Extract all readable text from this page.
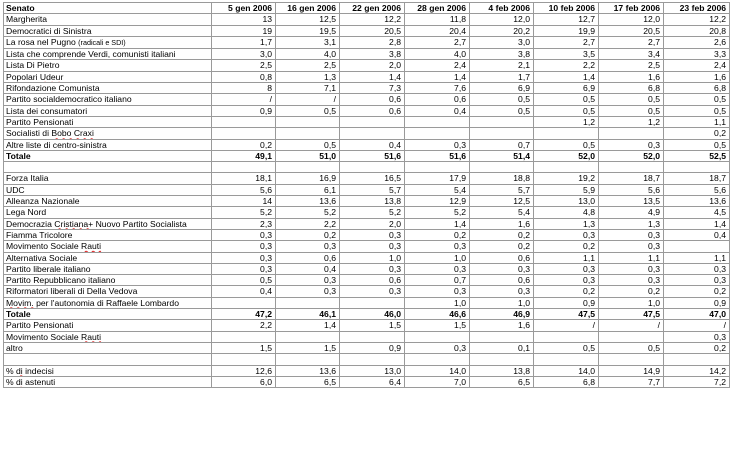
Senato	5 gen 2006	16 gen 2006	22 gen 2006	28 gen 2006	4 feb 2006	10 feb 2006	17 feb 2006	23 feb 2006
Margherita	13	12,5	12,2	11,8	12,0	12,7	12,0	12,2
Democratici di Sinistra	19	19,5	20,5	20,4	20,2	19,9	20,5	20,8
La rosa nel Pugno (radicali e SDI)	1,7	3,1	2,8	2,7	3,0	2,7	2,7	2,6
Lista che comprende Verdi, comunisti italiani	3,0	4,0	3,8	4,0	3,8	3,5	3,4	3,3
Lista Di Pietro	2,5	2,5	2,0	2,4	2,1	2,2	2,5	2,4
Popolari Udeur	0,8	1,3	1,4	1,4	1,7	1,4	1,6	1,6
Rifondazione Comunista	8	7,1	7,3	7,6	6,9	6,9	6,8	6,8
Partito socialdemocratico italiano	/	/	0,6	0,6	0,5	0,5	0,5	0,5
Lista dei consumatori	0,9	0,5	0,6	0,4	0,5	0,5	0,5	0,5
Partito Pensionati						1,2	1,2	1,1
Socialisti di Bobo Craxi								0,2
Altre liste di centro-sinistra	0,2	0,5	0,4	0,3	0,7	0,5	0,3	0,5
Totale	49,1	51,0	51,6	51,6	51,4	52,0	52,0	52,5

Forza Italia	18,1	16,9	16,5	17,9	18,8	19,2	18,7	18,7
UDC	5,6	6,1	5,7	5,4	5,7	5,9	5,6	5,6
Alleanza Nazionale	14	13,6	13,8	12,9	12,5	13,0	13,5	13,6
Lega Nord	5,2	5,2	5,2	5,2	5,4	4,8	4,9	4,5
Democrazia Cristiana+ Nuovo Partito Socialista	2,3	2,2	2,0	1,4	1,6	1,3	1,3	1,4
Fiamma Tricolore	0,3	0,2	0,3	0,2	0,2	0,3	0,3	0,4
Movimento Sociale Rauti	0,3	0,3	0,3	0,3	0,2	0,2	0,3	
Alternativa Sociale	0,3	0,6	1,0	1,0	0,6	1,1	1,1	1,1
Partito liberale italiano	0,3	0,4	0,3	0,3	0,3	0,3	0,3	0,3
Partito Repubblicano italiano	0,5	0,3	0,6	0,7	0,6	0,3	0,3	0,3
Riformatori liberali di Della Vedova	0,4	0,3	0,3	0,3	0,3	0,2	0,2	0,2
Movim. per l'autonomia di Raffaele Lombardo				1,0	1,0	0,9	1,0	0,9
Totale	47,2	46,1	46,0	46,6	46,9	47,5	47,5	47,0
Partito Pensionati	2,2	1,4	1,5	1,5	1,6	/	/	/
Movimento Sociale Rauti								0,3
altro	1,5	1,5	0,9	0,3	0,1	0,5	0,5	0,2

% di indecisi	12,6	13,6	13,0	14,0	13,8	14,0	14,9	14,2
% di astenuti	6,0	6,5	6,4	7,0	6,5	6,8	7,7	7,2
